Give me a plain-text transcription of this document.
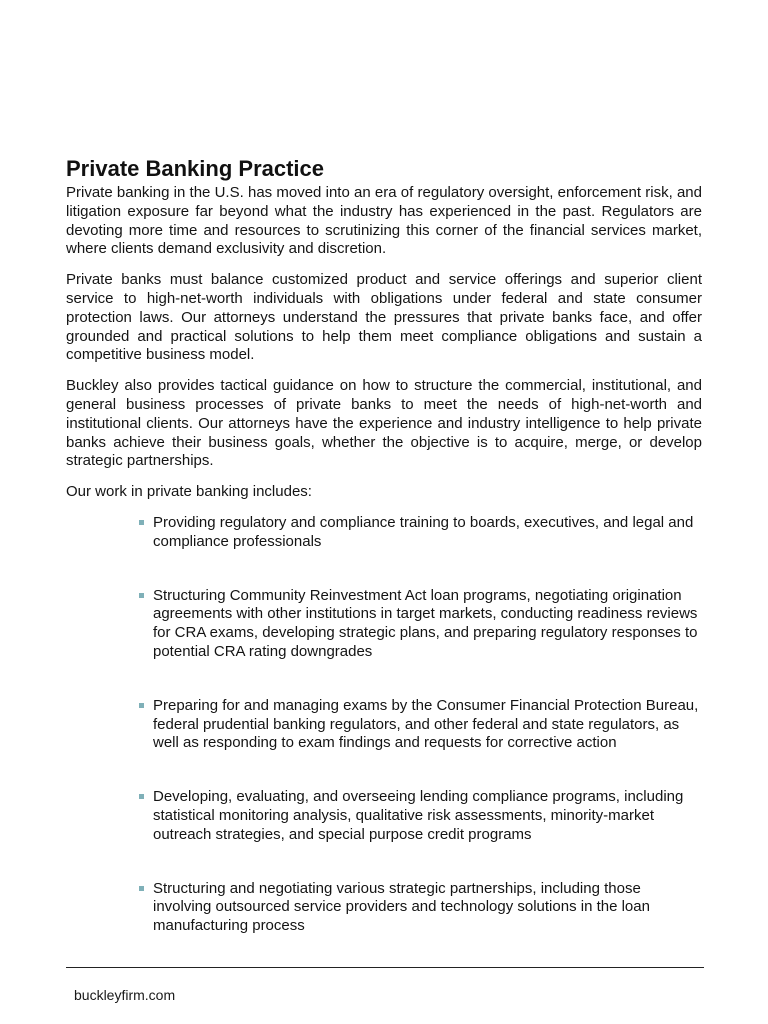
Private Banking Practice

Private banking in the U.S. has moved into an era of regulatory oversight, enforcement risk, and litigation exposure far beyond what the industry has experienced in the past. Regulators are devoting more time and resources to scrutinizing this corner of the financial services market, where clients demand exclusivity and discretion.

Private banks must balance customized product and service offerings and superior client service to high-net-worth individuals with obligations under federal and state consumer protection laws. Our attorneys understand the pressures that private banks face, and offer grounded and practical solutions to help them meet compliance obligations and sustain a competitive business model.

Buckley also provides tactical guidance on how to structure the commercial, institutional, and general business processes of private banks to meet the needs of high-net-worth and institutional clients. Our attorneys have the experience and industry intelligence to help private banks achieve their business goals, whether the objective is to acquire, merge, or develop strategic partnerships.

Our work in private banking includes:

Providing regulatory and compliance training to boards, executives, and legal and compliance professionals
Structuring Community Reinvestment Act loan programs, negotiating origination agreements with other institutions in target markets, conducting readiness reviews for CRA exams, developing strategic plans, and preparing regulatory responses to potential CRA rating downgrades
Preparing for and managing exams by the Consumer Financial Protection Bureau, federal prudential banking regulators, and other federal and state regulators, as well as responding to exam findings and requests for corrective action
Developing, evaluating, and overseeing lending compliance programs, including statistical monitoring analysis, qualitative risk assessments, minority-market outreach strategies, and special purpose credit programs
Structuring and negotiating various strategic partnerships, including those involving outsourced service providers and technology solutions in the loan manufacturing process
buckleyfirm.com
